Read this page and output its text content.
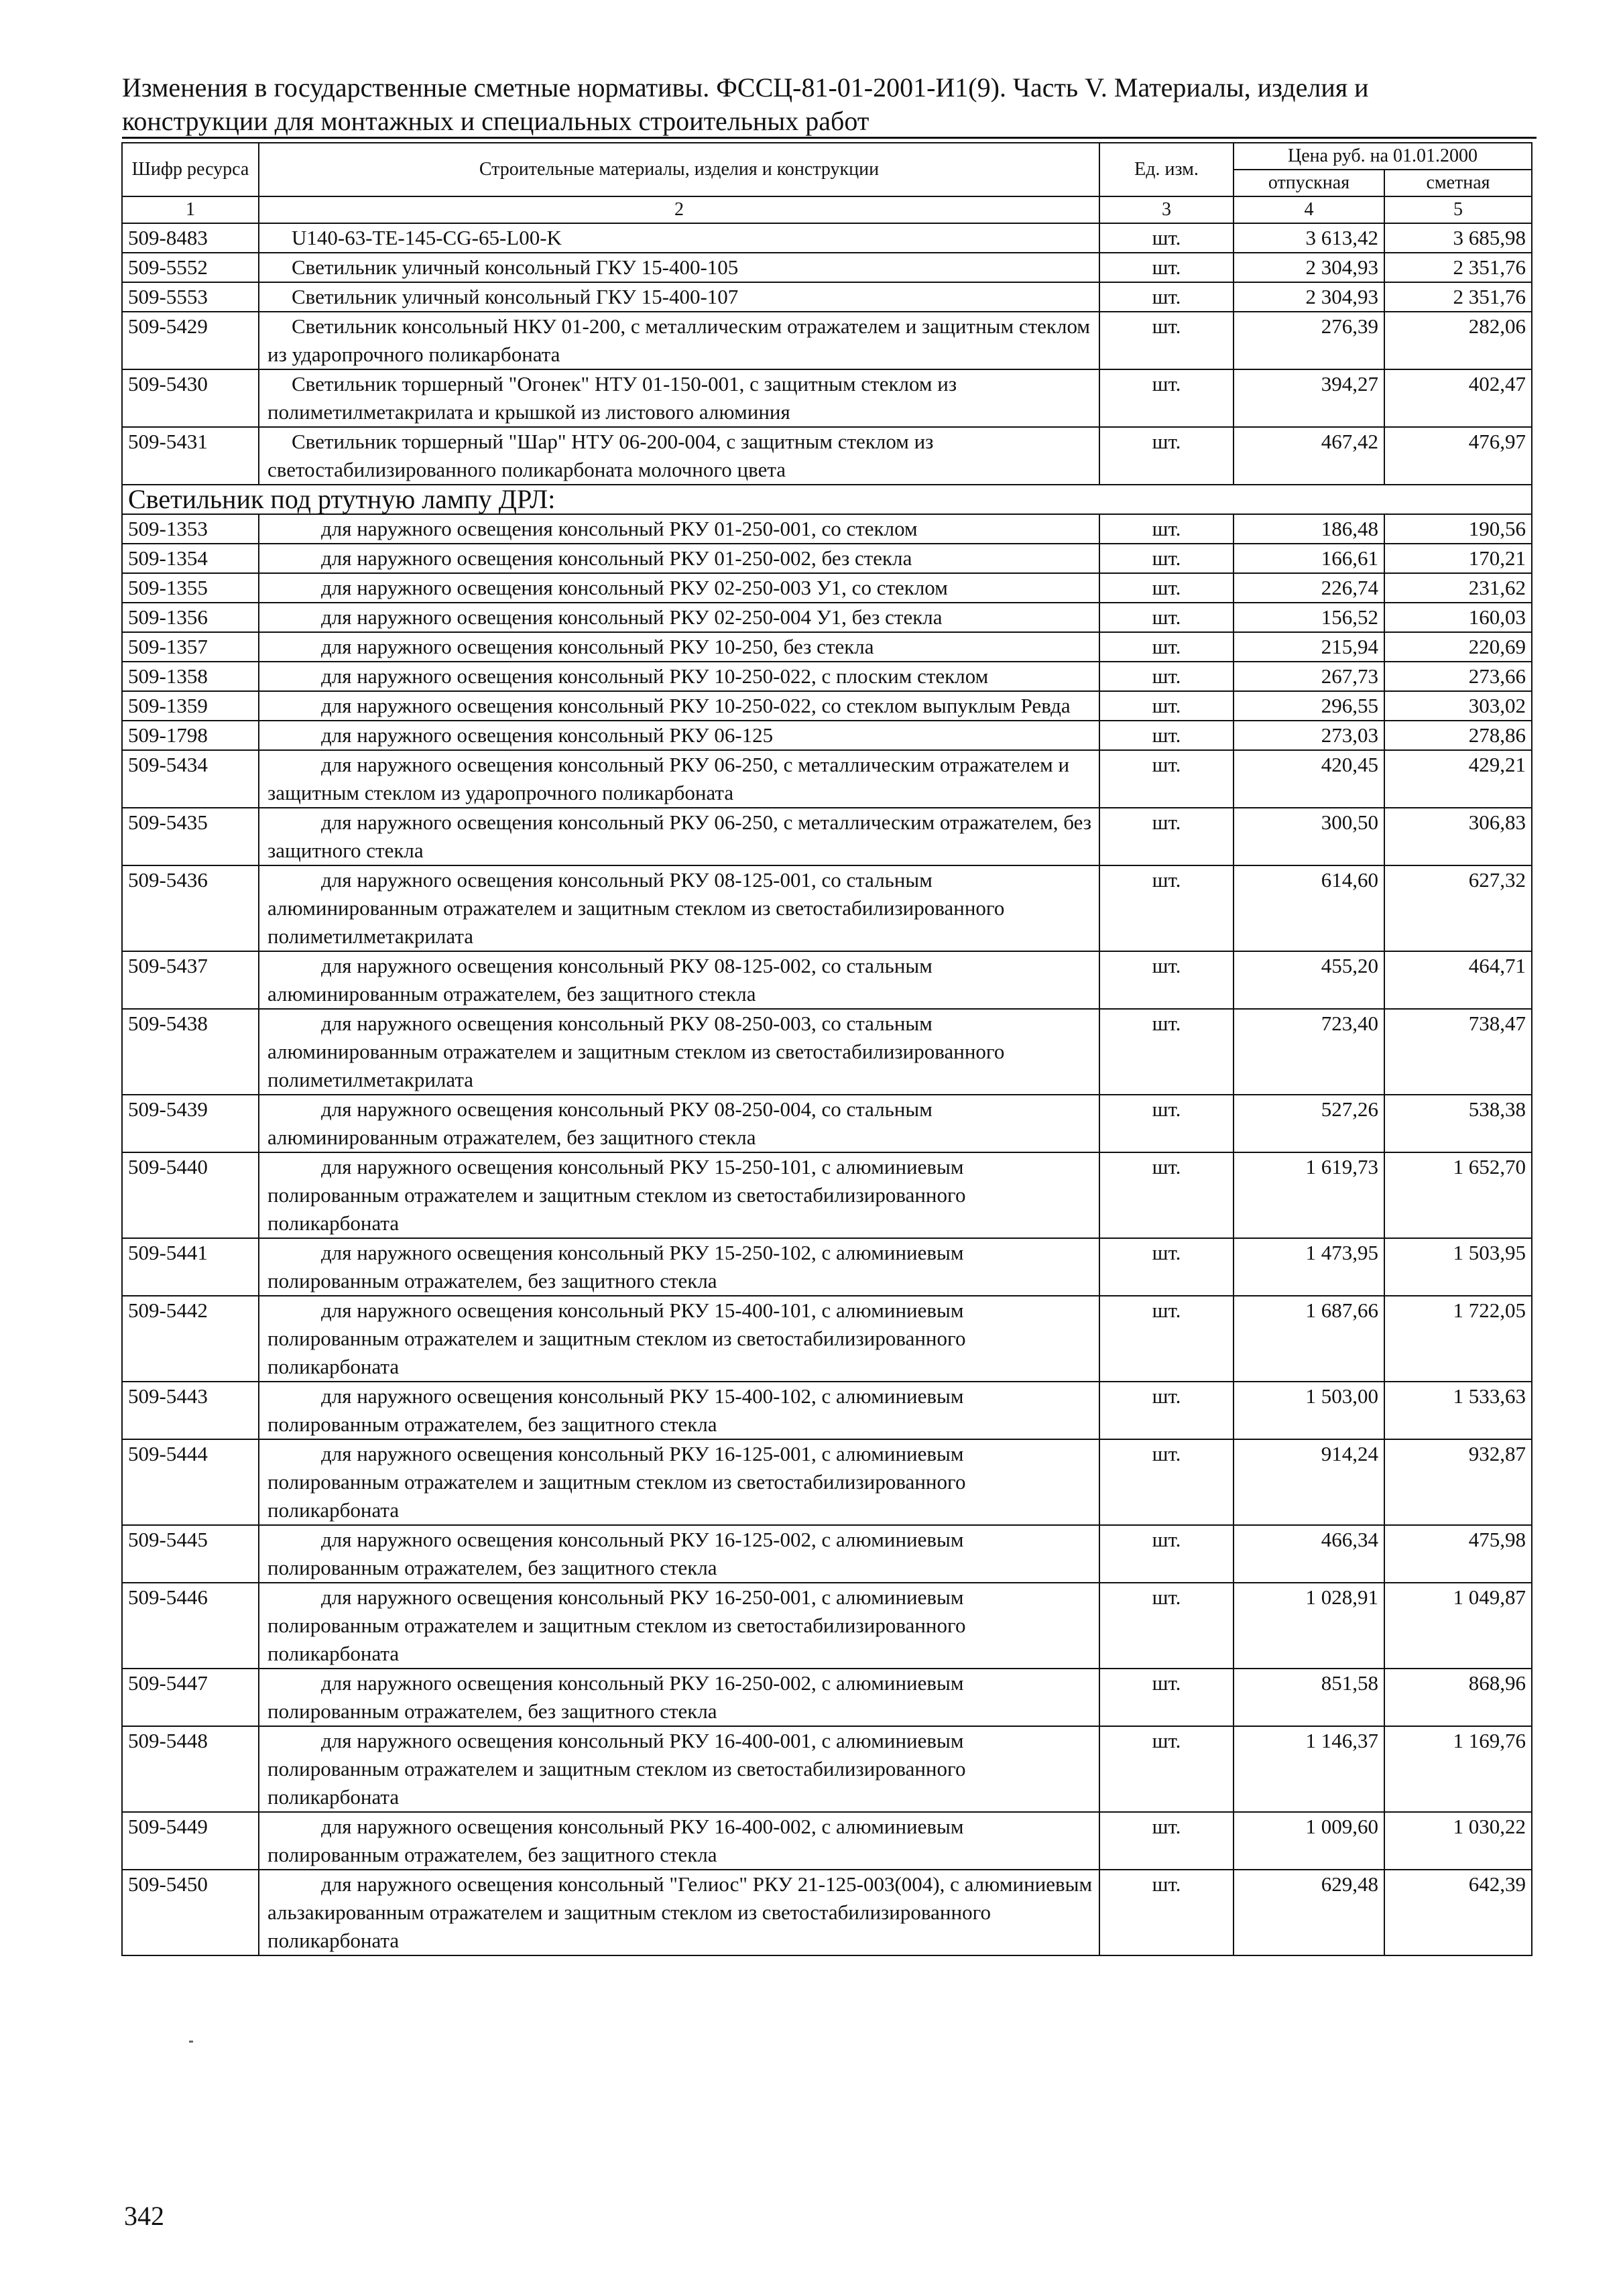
Изменения в государственные сметные нормативы. ФССЦ-81-01-2001-И1(9). Часть V. Материалы, изделия и
конструкции для монтажных и специальных строительных работ
Шифр ресурса	Строительные материалы, изделия и конструкции	Ед. изм.	Цена руб. на 01.01.2000	
			отпускная	сметная
1	2	3	4	5
509-8483	U140-63-TE-145-CG-65-L00-K	шт.	3 613,42	3 685,98
509-5552	Светильник уличный консольный ГКУ 15-400-105	шт.	2 304,93	2 351,76
509-5553	Светильник уличный консольный ГКУ 15-400-107	шт.	2 304,93	2 351,76
509-5429	Светильник консольный НКУ 01-200, с металлическим отражателем и защитным стеклом из ударопрочного поликарбоната	шт.	276,39	282,06
509-5430	Светильник торшерный "Огонек" НТУ 01-150-001, с защитным стеклом из полиметилметакрилата и крышкой из листового алюминия	шт.	394,27	402,47
509-5431	Светильник торшерный "Шар" НТУ 06-200-004, с защитным стеклом из светостабилизированного поликарбоната молочного цвета	шт.	467,42	476,97
Светильник под ртутную лампу ДРЛ:				
509-1353	для наружного освещения консольный РКУ 01-250-001, со стеклом	шт.	186,48	190,56
509-1354	для наружного освещения консольный РКУ 01-250-002, без стекла	шт.	166,61	170,21
509-1355	для наружного освещения консольный РКУ 02-250-003 У1, со стеклом	шт.	226,74	231,62
509-1356	для наружного освещения консольный РКУ 02-250-004 У1, без стекла	шт.	156,52	160,03
509-1357	для наружного освещения консольный РКУ 10-250, без стекла	шт.	215,94	220,69
509-1358	для наружного освещения консольный РКУ 10-250-022, с плоским стеклом	шт.	267,73	273,66
509-1359	для наружного освещения консольный РКУ 10-250-022, со стеклом выпуклым Ревда	шт.	296,55	303,02
509-1798	для наружного освещения консольный РКУ 06-125	шт.	273,03	278,86
509-5434	для наружного освещения консольный РКУ 06-250, с металлическим отражателем и защитным стеклом из ударопрочного поликарбоната	шт.	420,45	429,21
509-5435	для наружного освещения консольный РКУ 06-250, с металлическим отражателем, без защитного стекла	шт.	300,50	306,83
509-5436	для наружного освещения консольный РКУ 08-125-001, со стальным алюминированным отражателем и защитным стеклом из светостабилизированного полиметилметакрилата	шт.	614,60	627,32
509-5437	для наружного освещения консольный РКУ 08-125-002, со стальным алюминированным отражателем, без защитного стекла	шт.	455,20	464,71
509-5438	для наружного освещения консольный РКУ 08-250-003, со стальным алюминированным отражателем и защитным стеклом из светостабилизированного полиметилметакрилата	шт.	723,40	738,47
509-5439	для наружного освещения консольный РКУ 08-250-004, со стальным алюминированным отражателем, без защитного стекла	шт.	527,26	538,38
509-5440	для наружного освещения консольный РКУ 15-250-101, с алюминиевым полированным отражателем и защитным стеклом из светостабилизированного поликарбоната	шт.	1 619,73	1 652,70
509-5441	для наружного освещения консольный РКУ 15-250-102, с алюминиевым полированным отражателем, без защитного стекла	шт.	1 473,95	1 503,95
509-5442	для наружного освещения консольный РКУ 15-400-101, с алюминиевым полированным отражателем и защитным стеклом из светостабилизированного поликарбоната	шт.	1 687,66	1 722,05
509-5443	для наружного освещения консольный РКУ 15-400-102, с алюминиевым полированным отражателем, без защитного стекла	шт.	1 503,00	1 533,63
509-5444	для наружного освещения консольный РКУ 16-125-001, с алюминиевым полированным отражателем и защитным стеклом из светостабилизированного поликарбоната	шт.	914,24	932,87
509-5445	для наружного освещения консольный РКУ 16-125-002, с алюминиевым полированным отражателем, без защитного стекла	шт.	466,34	475,98
509-5446	для наружного освещения консольный РКУ 16-250-001, с алюминиевым полированным отражателем и защитным стеклом из светостабилизированного поликарбоната	шт.	1 028,91	1 049,87
509-5447	для наружного освещения консольный РКУ 16-250-002, с алюминиевым полированным отражателем, без защитного стекла	шт.	851,58	868,96
509-5448	для наружного освещения консольный РКУ 16-400-001, с алюминиевым полированным отражателем и защитным стеклом из светостабилизированного поликарбоната	шт.	1 146,37	1 169,76
509-5449	для наружного освещения консольный РКУ 16-400-002, с алюминиевым полированным отражателем, без защитного стекла	шт.	1 009,60	1 030,22
509-5450	для наружного освещения консольный "Гелиос" РКУ 21-125-003(004), с алюминиевым альзакированным отражателем и защитным стеклом из светостабилизированного поликарбоната	шт.	629,48	642,39
342
